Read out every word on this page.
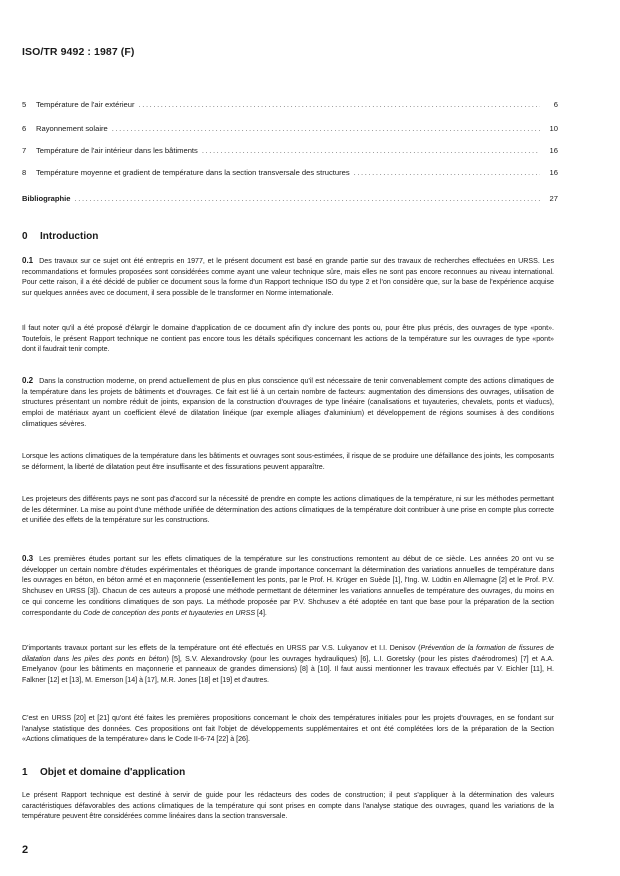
ISO/TR 9492 : 1987 (F)
5	Température de l'air extérieur .....	6
6	Rayonnement solaire .....	10
7	Température de l'air intérieur dans les bâtiments .....	16
8	Température moyenne et gradient de température dans la section transversale des structures .....	16
Bibliographie .....	27
0 Introduction

0.1 Des travaux sur ce sujet ont été entrepris en 1977, et le présent document est basé en grande partie sur des travaux de recherches effectuées en URSS. Les recommandations et formules proposées sont considérées comme ayant une valeur technique sûre, mais elles ne sont pas encore reconnues au niveau international. Pour cette raison, il a été décidé de publier ce document sous la forme d'un Rapport technique ISO du type 2 et l'on considère que, sur la base de l'expérience acquise sur quelques années avec ce document, il sera possible de le transformer en Norme internationale.

Il faut noter qu'il a été proposé d'élargir le domaine d'application de ce document afin d'y inclure des ponts ou, pour être plus précis, des ouvrages de type «pont». Toutefois, le présent Rapport technique ne contient pas encore tous les détails spécifiques concernant les actions de la température sur les ouvrages de type «pont» dont il faudrait tenir compte.

0.2 Dans la construction moderne, on prend actuellement de plus en plus conscience qu'il est nécessaire de tenir convenablement compte des actions climatiques de la température dans les projets de bâtiments et d'ouvrages. Ce fait est lié à un certain nombre de facteurs: augmentation des dimensions des ouvrages, utilisation de structures présentant un nombre réduit de joints, expansion de la construction d'ouvrages de type linéaire (canalisations et tuyauteries, chevalets, ponts et viaducs), emploi de matériaux ayant un coefficient élevé de dilatation linéique (par exemple alliages d'aluminium) et développement de régions soumises à des conditions climatiques sévères.

Lorsque les actions climatiques de la température dans les bâtiments et ouvrages sont sous-estimées, il risque de se produire une défaillance des joints, les composants se déforment, la liberté de dilatation peut être insuffisante et des fissurations peuvent apparaître.

Les projeteurs des différents pays ne sont pas d'accord sur la nécessité de prendre en compte les actions climatiques de la température, ni sur les méthodes permettant de les déterminer. La mise au point d'une méthode unifiée de détermination des actions climatiques de la température doit contribuer à une prise en compte plus correcte et unifiée des effets de la température sur les constructions.

0.3 Les premières études portant sur les effets climatiques de la température sur les constructions remontent au début de ce siècle. Les années 20 ont vu se développer un certain nombre d'études expérimentales et théoriques de grande importance concernant la détermination des variations annuelles de température dans les ouvrages en béton, en béton armé et en maçonnerie (essentiellement les ponts, par le Prof. H. Krüger en Suède [1], l'Ing. W. Lüdtin en Allemagne [2] et le Prof. P.V. Shchusev en URSS [3]). Chacun de ces auteurs a proposé une méthode permettant de déterminer les variations annuelles de température des ouvrages, du moins en ce qui concerne les conditions climatiques de son pays. La méthode proposée par P.V. Shchusev a été adoptée en tant que base pour la préparation de la section correspondante du Code de conception des ponts et tuyauteries en URSS [4].

D'importants travaux portant sur les effets de la température ont été effectués en URSS par V.S. Lukyanov et I.I. Denisov (Prévention de la formation de fissures de dilatation dans les piles des ponts en béton) [5], S.V. Alexandrovsky (pour les ouvrages hydrauliques) [6], L.I. Goretsky (pour les pistes d'aérodromes) [7] et A.A. Emelyanov (pour les bâtiments en maçonnerie et panneaux de grandes dimensions) [8] à [10]. Il faut aussi mentionner les travaux effectués par V. Eichler [11], H. Falkner [12] et [13], M. Emerson [14] à [17], M.R. Jones [18] et [19] et d'autres.

C'est en URSS [20] et [21] qu'ont été faites les premières propositions concernant le choix des températures initiales pour les projets d'ouvrages, en se fondant sur l'analyse statistique des données. Ces propositions ont fait l'objet de développements supplémentaires et ont été complétées lors de la préparation de la Section «Actions climatiques de la température» dans le Code II-6-74 [22] à [26].

1 Objet et domaine d'application

Le présent Rapport technique est destiné à servir de guide pour les rédacteurs des codes de construction; il peut s'appliquer à la détermination des valeurs caractéristiques défavorables des actions climatiques de la température qui sont prises en compte dans l'analyse statique des ouvrages, quand les variations de la température peuvent être considérées comme linéaires dans la section transversale.

2
